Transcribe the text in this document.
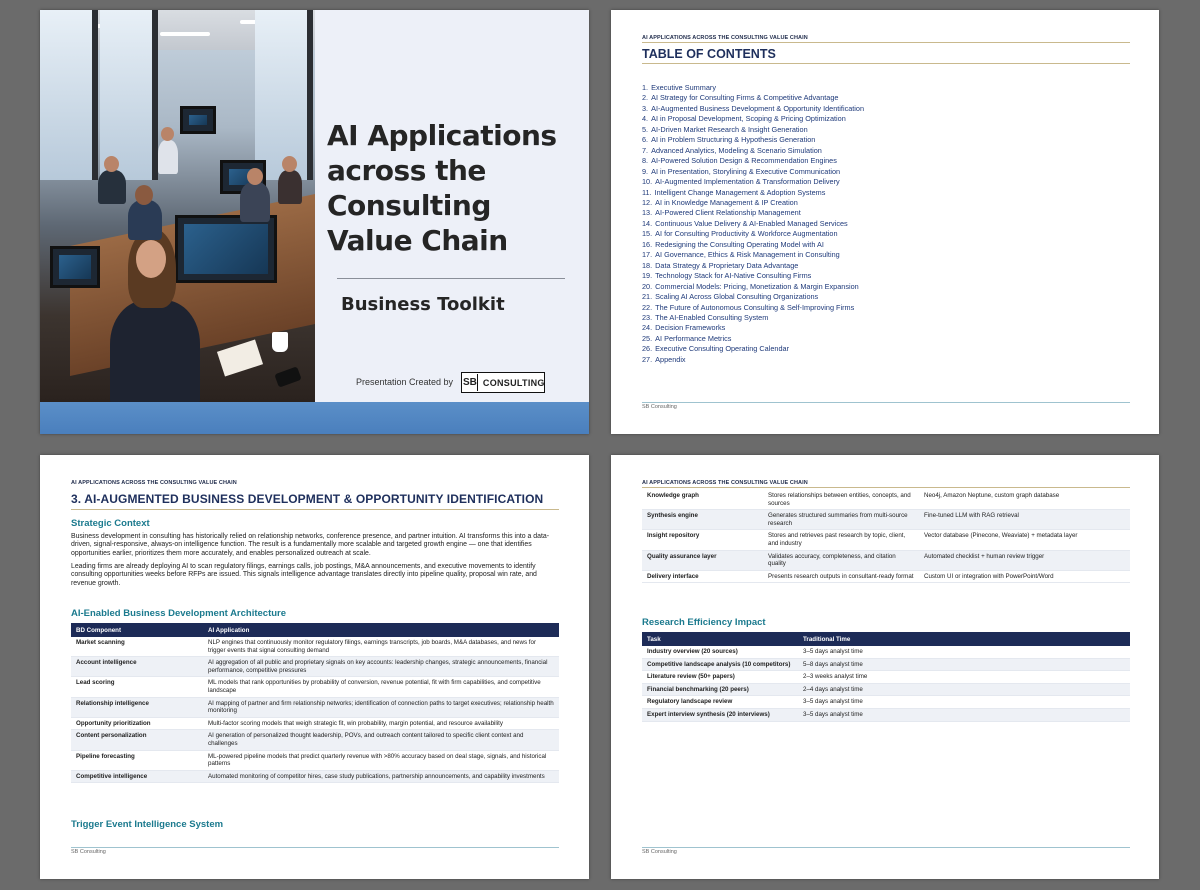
AI Applications across the Consulting Value Chain
Business Toolkit
Presentation Created by SB CONSULTING
AI APPLICATIONS ACROSS THE CONSULTING VALUE CHAIN
TABLE OF CONTENTS
1. Executive Summary
2. AI Strategy for Consulting Firms & Competitive Advantage
3. AI-Augmented Business Development & Opportunity Identification
4. AI in Proposal Development, Scoping & Pricing Optimization
5. AI-Driven Market Research & Insight Generation
6. AI in Problem Structuring & Hypothesis Generation
7. Advanced Analytics, Modeling & Scenario Simulation
8. AI-Powered Solution Design & Recommendation Engines
9. AI in Presentation, Storylining & Executive Communication
10. AI-Augmented Implementation & Transformation Delivery
11. Intelligent Change Management & Adoption Systems
12. AI in Knowledge Management & IP Creation
13. AI-Powered Client Relationship Management
14. Continuous Value Delivery & AI-Enabled Managed Services
15. AI for Consulting Productivity & Workforce Augmentation
16. Redesigning the Consulting Operating Model with AI
17. AI Governance, Ethics & Risk Management in Consulting
18. Data Strategy & Proprietary Data Advantage
19. Technology Stack for AI-Native Consulting Firms
20. Commercial Models: Pricing, Monetization & Margin Expansion
21. Scaling AI Across Global Consulting Organizations
22. The Future of Autonomous Consulting & Self-Improving Firms
23. The AI-Enabled Consulting System
24. Decision Frameworks
25. AI Performance Metrics
26. Executive Consulting Operating Calendar
27. Appendix
SB Consulting
AI APPLICATIONS ACROSS THE CONSULTING VALUE CHAIN
3. AI-AUGMENTED BUSINESS DEVELOPMENT & OPPORTUNITY IDENTIFICATION
Strategic Context

Business development in consulting has historically relied on relationship networks, conference presence, and partner intuition. AI transforms this into a data-driven, signal-responsive, always-on intelligence function. The result is a fundamentally more scalable and targeted growth engine — one that identifies opportunities earlier, prioritizes them more accurately, and enables personalized outreach at scale.

Leading firms are already deploying AI to scan regulatory filings, earnings calls, job postings, M&A announcements, and executive movements to identify consulting opportunities weeks before RFPs are issued. This signals intelligence advantage translates directly into pipeline quality, proposal win rate, and revenue growth.

AI-Enabled Business Development Architecture
BD Component	AI Application
Market scanning	NLP engines that continuously monitor regulatory filings, earnings transcripts, job boards, M&A databases, and news for trigger events that signal consulting demand
Account intelligence	AI aggregation of all public and proprietary signals on key accounts: leadership changes, strategic announcements, financial performance, competitive pressures
Lead scoring	ML models that rank opportunities by probability of conversion, revenue potential, fit with firm capabilities, and competitive landscape
Relationship intelligence	AI mapping of partner and firm relationship networks; identification of connection paths to target executives; relationship health monitoring
Opportunity prioritization	Multi-factor scoring models that weigh strategic fit, win probability, margin potential, and resource availability
Content personalization	AI generation of personalized thought leadership, POVs, and outreach content tailored to specific client context and challenges
Pipeline forecasting	ML-powered pipeline models that predict quarterly revenue with >80% accuracy based on deal stage, signals, and historical patterns
Competitive intelligence	Automated monitoring of competitor hires, case study publications, partnership announcements, and capability investments
Trigger Event Intelligence System
SB Consulting
AI APPLICATIONS ACROSS THE CONSULTING VALUE CHAIN
Knowledge graph	Stores relationships between entities, concepts, and sources	Neo4j, Amazon Neptune, custom graph database
Synthesis engine	Generates structured summaries from multi-source research	Fine-tuned LLM with RAG retrieval
Insight repository	Stores and retrieves past research by topic, client, and industry	Vector database (Pinecone, Weaviate) + metadata layer
Quality assurance layer	Validates accuracy, completeness, and citation quality	Automated checklist + human review trigger
Delivery interface	Presents research outputs in consultant-ready format	Custom UI or integration with PowerPoint/Word
Research Efficiency Impact
Task	Traditional Time
Industry overview (20 sources)	3–5 days analyst time
Competitive landscape analysis (10 competitors)	5–8 days analyst time
Literature review (50+ papers)	2–3 weeks analyst time
Financial benchmarking (20 peers)	2–4 days analyst time
Regulatory landscape review	3–5 days analyst time
Expert interview synthesis (20 interviews)	3–5 days analyst time
SB Consulting
